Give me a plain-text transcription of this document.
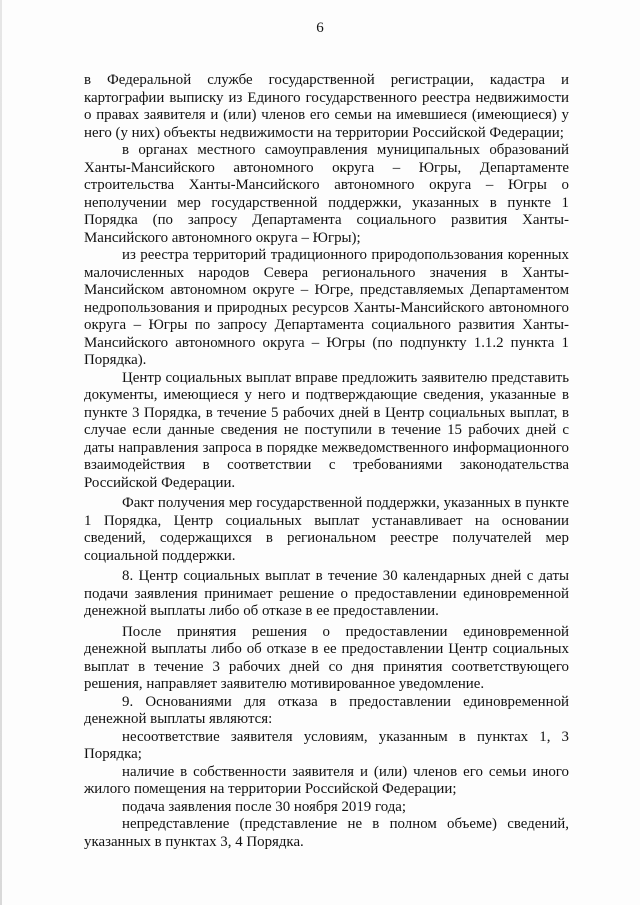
6

в Федеральной службе государственной регистрации, кадастра и картографии выписку из Единого государственного реестра недвижимости о правах заявителя и (или) членов его семьи на имевшиеся (имеющиеся) у него (у них) объекты недвижимости на территории Российской Федерации;

в органах местного самоуправления муниципальных образований Ханты-Мансийского автономного округа – Югры, Департаменте строительства Ханты-Мансийского автономного округа – Югры о неполучении мер государственной поддержки, указанных в пункте 1 Порядка (по запросу Департамента социального развития Ханты-Мансийского автономного округа – Югры);

из реестра территорий традиционного природопользования коренных малочисленных народов Севера регионального значения в Ханты-Мансийском автономном округе – Югре, представляемых Департаментом недропользования и природных ресурсов Ханты-Мансийского автономного округа – Югры по запросу Департамента социального развития Ханты-Мансийского автономного округа – Югры (по подпункту 1.1.2 пункта 1 Порядка).

Центр социальных выплат вправе предложить заявителю представить документы, имеющиеся у него и подтверждающие сведения, указанные в пункте 3 Порядка, в течение 5 рабочих дней в Центр социальных выплат, в случае если данные сведения не поступили в течение 15 рабочих дней с даты направления запроса в порядке межведомственного информационного взаимодействия в соответствии с требованиями законодательства Российской Федерации.

Факт получения мер государственной поддержки, указанных в пункте 1 Порядка, Центр социальных выплат устанавливает на основании сведений, содержащихся в региональном реестре получателей мер социальной поддержки.

8. Центр социальных выплат в течение 30 календарных дней с даты подачи заявления принимает решение о предоставлении единовременной денежной выплаты либо об отказе в ее предоставлении.

После принятия решения о предоставлении единовременной денежной выплаты либо об отказе в ее предоставлении Центр социальных выплат в течение 3 рабочих дней со дня принятия соответствующего решения, направляет заявителю мотивированное уведомление.

9. Основаниями для отказа в предоставлении единовременной денежной выплаты являются:

несоответствие заявителя условиям, указанным в пунктах 1, 3 Порядка;

наличие в собственности заявителя и (или) членов его семьи иного жилого помещения на территории Российской Федерации;

подача заявления после 30 ноября 2019 года;

непредставление (представление не в полном объеме) сведений, указанных в пунктах 3, 4 Порядка.
